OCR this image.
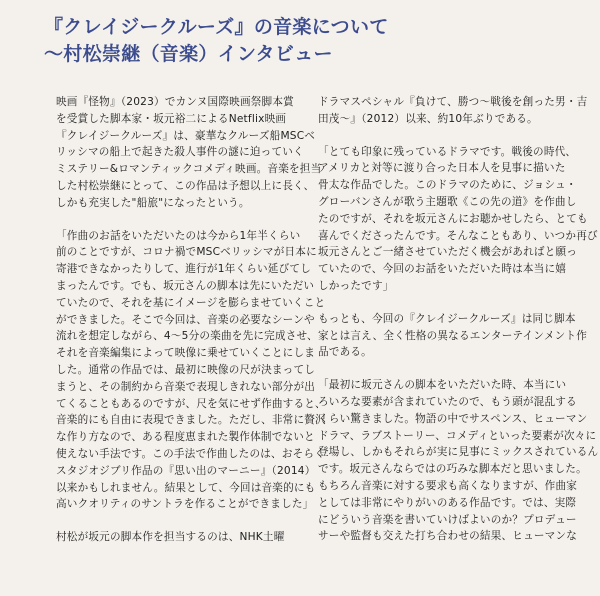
『クレイジークルーズ』の音楽について
〜村松崇継（音楽）インタビュー

映画『怪物』（2023）でカンヌ国際映画祭脚本賞
を受賞した脚本家・坂元裕二によるNetflix映画
『クレイジークルーズ』は、豪華なクルーズ船MSCベ
リッシマの船上で起きた殺人事件の謎に迫っていく
ミステリー&ロマンティックコメディ映画。音楽を担当
した村松崇継にとって、この作品は予想以上に長く、
しかも充実した"船旅"になったという。

「作曲のお話をいただいたのは今から1年半くらい
前のことですが、コロナ禍でMSCベリッシマが日本に
寄港できなかったりして、進行が1年くらい延びてし
まったんです。でも、坂元さんの脚本は先にいただい
ていたので、それを基にイメージを膨らませていくこと
ができました。そこで今回は、音楽の必要なシーンや
流れを想定しながら、4〜5分の楽曲を先に完成させ、
それを音楽編集によって映像に乗せていくことにしま
した。通常の作品では、最初に映像の尺が決まってし
まうと、その制約から音楽で表現しきれない部分が出
てくることもあるのですが、尺を気にせず作曲すると、
音楽的にも自由に表現できました。ただし、非常に贅沢
な作り方なので、ある程度恵まれた製作体制でないと
使えない手法です。この手法で作曲したのは、おそらく
スタジオジブリ作品の『思い出のマーニー』（2014）
以来かもしれません。結果として、今回は音楽的にも
高いクオリティのサントラを作ることができました」

村松が坂元の脚本作を担当するのは、NHK土曜

ドラマスペシャル『負けて、勝つ〜戦後を創った男・吉
田茂〜』（2012）以来、約10年ぶりである。

「とても印象に残っているドラマです。戦後の時代、
アメリカと対等に渡り合った日本人を見事に描いた
骨太な作品でした。このドラマのために、ジョシュ・
グローバンさんが歌う主題歌《この先の道》を作曲し
たのですが、それを坂元さんにお聴かせしたら、とても
喜んでくださったんです。そんなこともあり、いつか再び
坂元さんとご一緒させていただく機会があればと願っ
ていたので、今回のお話をいただいた時は本当に嬉
しかったです」

もっとも、今回の『クレイジークルーズ』は同じ脚本
家とは言え、全く性格の異なるエンターテインメント作
品である。

「最初に坂元さんの脚本をいただいた時、本当にい
ろいろな要素が含まれていたので、もう頭が混乱する
くらい驚きました。物語の中でサスペンス、ヒューマン
ドラマ、ラブストーリー、コメディといった要素が次々に
登場し、しかもそれらが実に見事にミックスされているん
です。坂元さんならではの巧みな脚本だと思いました。
もちろん音楽に対する要求も高くなりますが、作曲家
としては非常にやりがいのある作品です。では、実際
にどういう音楽を書いていけばよいのか？プロデュー
サーや監督も交えた打ち合わせの結果、ヒューマンな
